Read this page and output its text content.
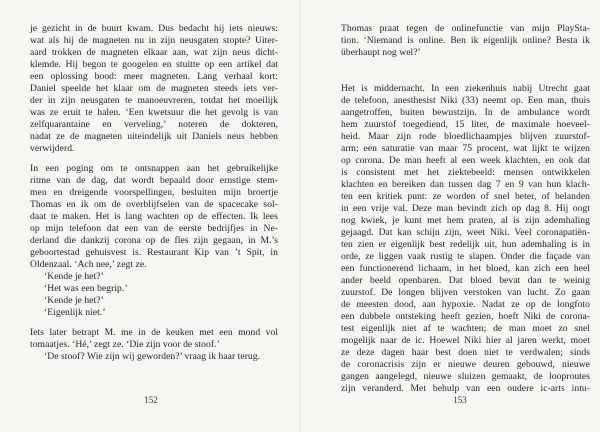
je gezicht in de buurt kwam. Dus bedacht hij iets nieuws:
wat als hij de magneten nu in zijn neusgaten stopte? Uiter-
aard trokken de magneten elkaar aan, wat zijn neus dicht-
klemde. Hij begon te googelen en stuitte op een artikel dat
een oplossing bood: meer magneten. Lang verhaal kort:
Daniel speelde het klaar om de magneten steeds iets ver-
der in zijn neusgaten te manoeuvreren, totdat het moeilijk
was ze eruit te halen. ‘Een kwetsuur die het gevolg is van
zelfquarantaine en verveling,’ noteren de dokteren,
nadat ze de magneten uiteindelijk uit Daniels neus hebben
verwijderd.
In een poging om te ontsnappen aan het gebruikelijke
ritme van de dag, dat wordt bepaald door ernstige stem-
men en dreigende voorspellingen, besluiten mijn broertje
Thomas en ik om de overblijfselen van de spacecake sol-
daat te maken. Het is lang wachten op de effecten. Ik lees
op mijn telefoon dat een van de eerste bedrijfjes in Ne-
derland die dankzij corona op de fles zijn gegaan, in M.’s
geboortestad gehuisvest is. Restaurant Kip van ’t Spit, in
Oldenzaal. ‘Ach nee,’ zegt ze.
‘Kende je het?’
‘Het was een begrip.’
‘Kende je het?’
‘Eigenlijk niet.’
Iets later betrapt M. me in de keuken met een mond vol
tomaatjes. ‘Hé,’ zegt ze. ‘Die zijn voor de stoof.’
‘De stoof? Wie zijn wij geworden?’ vraag ik haar terug.
152
Thomas praat tegen de onlinefunctie van mijn PlaySta-
tion. ‘Niemand is online. Ben ik eigenlijk online? Besta ik
überhaupt nog wel?’
Het is middernacht. In een ziekenhuis nabij Utrecht gaat
de telefoon, anesthesist Niki (33) neemt op. Een man, thuis
aangetroffen, buiten bewustzijn. In de ambulance wordt
hem zuurstof toegediend, 15 liter, de maximale hoeveel-
heid. Maar zijn rode bloedlichaampjes blijven zuurstof-
arm; een saturatie van maar 75 procent, wat lijkt te wijzen
op corona. De man heeft al een week klachten, en ook dat
is consistent met het ziektebeeld: mensen ontwikkelen
klachten en bereiken dan tussen dag 7 en 9 van hun klach-
ten een kritiek punt: ze worden of snel beter, of belanden
in een vrije val. Deze man bevindt zich op dag 8. Hij oogt
nog kwiek, je kunt met hem praten, al is zijn ademhaling
gejaagd. Dat kan schijn zijn, weet Niki. Veel coronapatiën-
ten zien er eigenlijk best redelijk uit, hun ademhaling is in
orde, ze liggen vaak rustig te slapen. Onder die façade van
een functionerend lichaam, in het bloed, kan zich een heel
ander beeld openbaren. Dat bloed bevat dan te weinig
zuurstof. De longen blijven verstoken van lucht. Zo gaan
de meesten dood, aan hypoxie. Nadat ze op de longfoto
een dubbele ontsteking heeft gezien, hoeft Niki de corona-
test eigenlijk niet af te wachten; de man moet zo snel
mogelijk naar de ic. Hoewel Niki hier al jaren werkt, moet
ze deze dagen haar best doen niet te verdwalen; sinds
de coronacrisis zijn er nieuwe deuren gebouwd, nieuwe
gangen aangelegd, nieuwe sluizen gemaakt, de looproutes
zijn veranderd. Met behulp van een oudere ic-arts intu-
153
